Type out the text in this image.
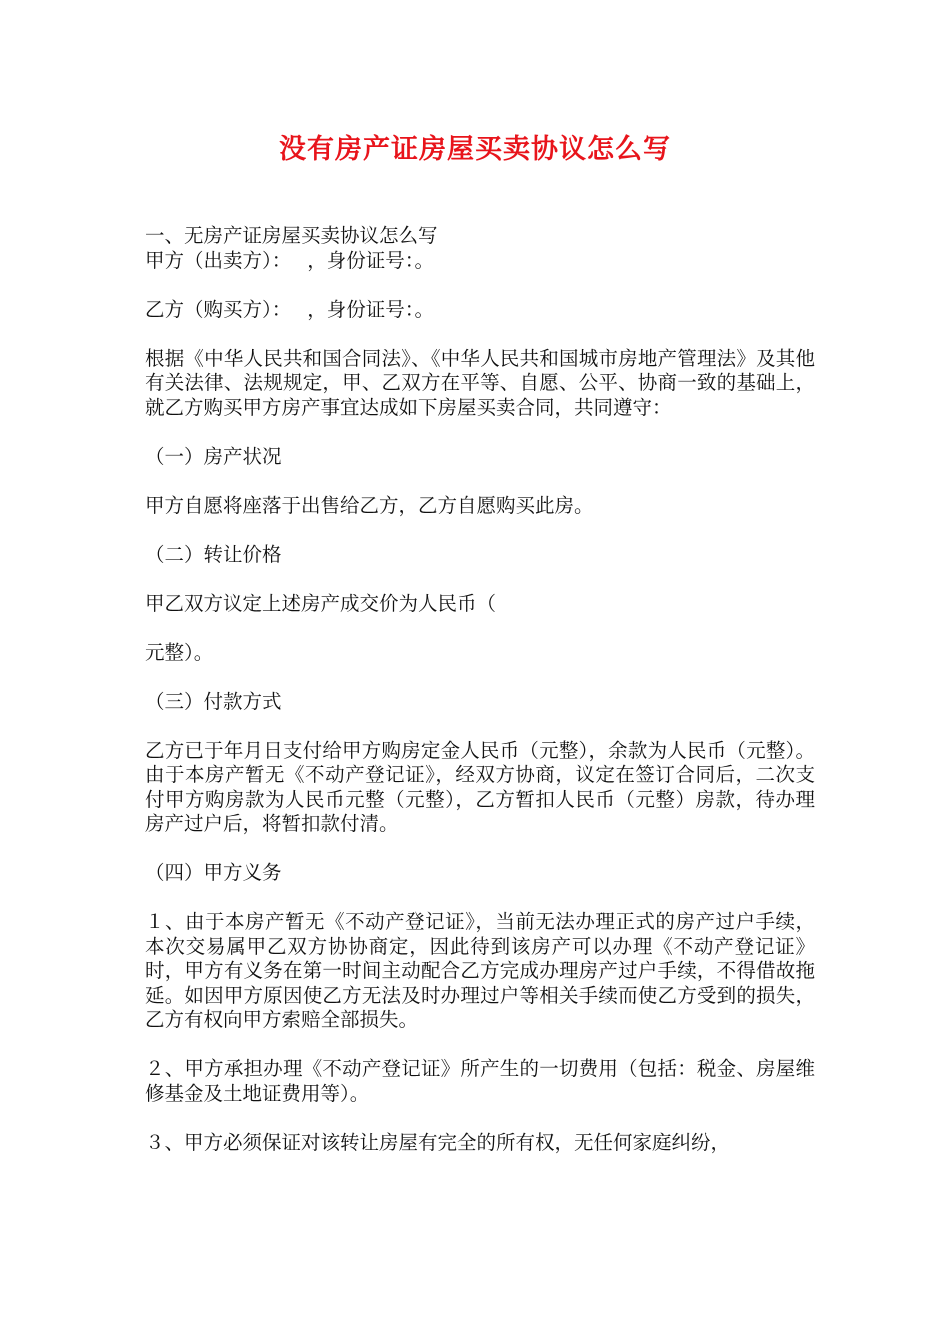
没有房产证房屋买卖协议怎么写

一、无房产证房屋买卖协议怎么写

甲方（出卖方）：　 ，身份证号：。

乙方（购买方）：　 ，身份证号：。

根据《中华人民共和国合同法》、《中华人民共和国城市房地产管理法》及其他有关法律、法规规定，甲、乙双方在平等、自愿、公平、协商一致的基础上，就乙方购买甲方房产事宜达成如下房屋买卖合同，共同遵守：

（一）房产状况

甲方自愿将座落于出售给乙方，乙方自愿购买此房。

（二）转让价格

甲乙双方议定上述房产成交价为人民币（

元整）。

（三）付款方式

乙方已于年月日支付给甲方购房定金人民币（元整），余款为人民币（元整）。由于本房产暂无《不动产登记证》，经双方协商，议定在签订合同后，二次支付甲方购房款为人民币元整（元整），乙方暂扣人民币（元整）房款，待办理房产过户后，将暂扣款付清。

（四）甲方义务

１、由于本房产暂无《不动产登记证》，当前无法办理正式的房产过户手续，本次交易属甲乙双方协协商定，因此待到该房产可以办理《不动产登记证》时，甲方有义务在第一时间主动配合乙方完成办理房产过户手续，不得借故拖延。如因甲方原因使乙方无法及时办理过户等相关手续而使乙方受到的损失，乙方有权向甲方索赔全部损失。

２、甲方承担办理《不动产登记证》所产生的一切费用（包括：税金、房屋维修基金及土地证费用等）。

３、甲方必须保证对该转让房屋有完全的所有权，无任何家庭纠纷，
